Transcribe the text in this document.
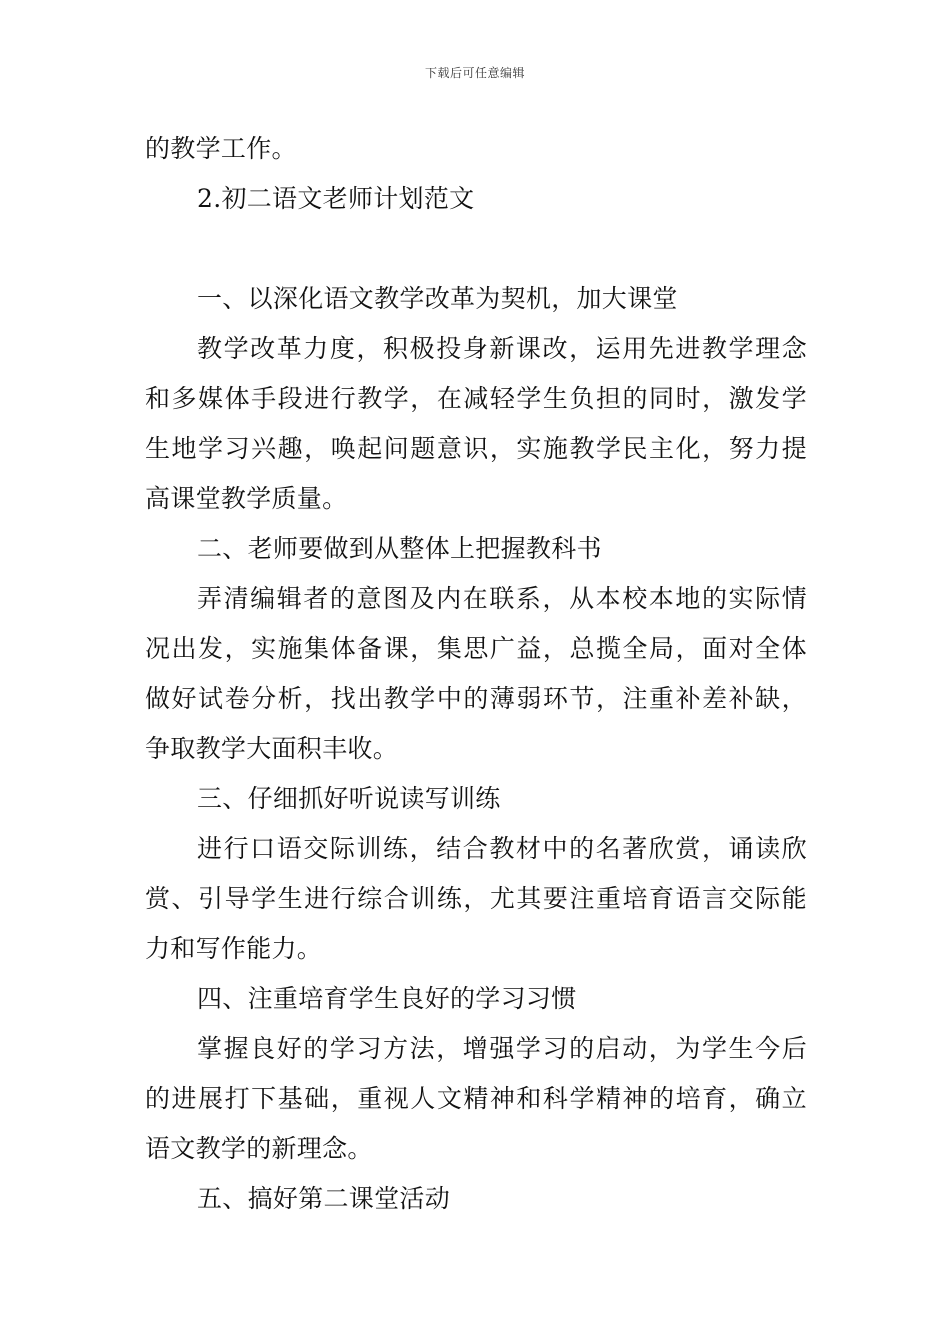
下载后可任意编辑
的教学工作。
2.初二语文老师计划范文
一、以深化语文教学改革为契机，加大课堂
教学改革力度，积极投身新课改，运用先进教学理念
和多媒体手段进行教学，在减轻学生负担的同时，激发学
生地学习兴趣，唤起问题意识，实施教学民主化，努力提
高课堂教学质量。
二、老师要做到从整体上把握教科书
弄清编辑者的意图及内在联系，从本校本地的实际情
况出发，实施集体备课，集思广益，总揽全局，面对全体
做好试卷分析，找出教学中的薄弱环节，注重补差补缺，
争取教学大面积丰收。
三、仔细抓好听说读写训练
进行口语交际训练，结合教材中的名著欣赏，诵读欣
赏、引导学生进行综合训练，尤其要注重培育语言交际能
力和写作能力。
四、注重培育学生良好的学习习惯
掌握良好的学习方法，增强学习的启动，为学生今后
的进展打下基础，重视人文精神和科学精神的培育，确立
语文教学的新理念。
五、搞好第二课堂活动
